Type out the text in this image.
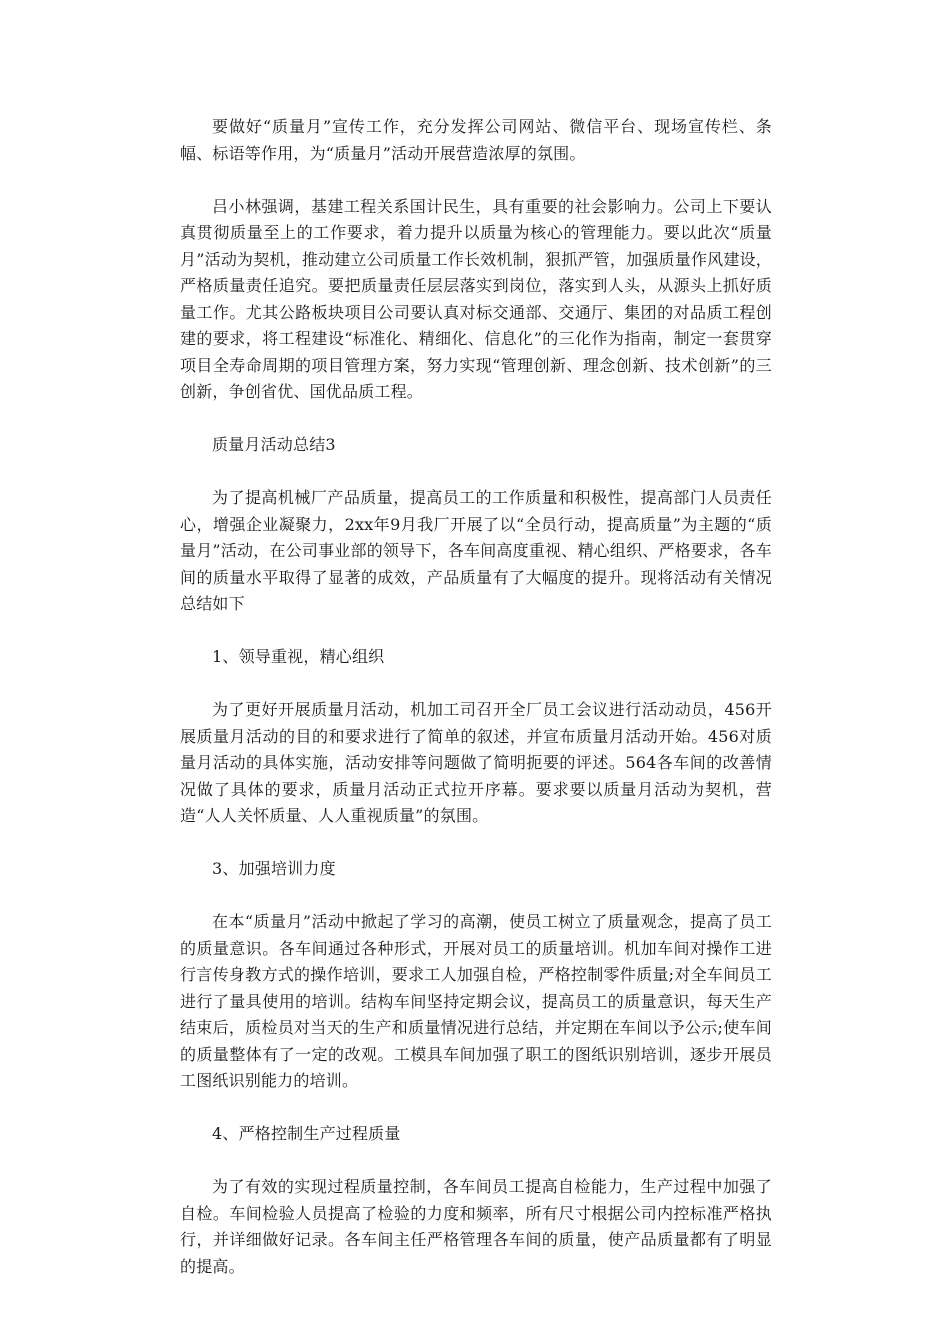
要做好“质量月”宣传工作，充分发挥公司网站、微信平台、现场宣传栏、条幅、标语等作用，为“质量月”活动开展营造浓厚的氛围。

吕小林强调，基建工程关系国计民生，具有重要的社会影响力。公司上下要认真贯彻质量至上的工作要求，着力提升以质量为核心的管理能力。要以此次“质量月”活动为契机，推动建立公司质量工作长效机制，狠抓严管，加强质量作风建设，严格质量责任追究。要把质量责任层层落实到岗位，落实到人头，从源头上抓好质量工作。尤其公路板块项目公司要认真对标交通部、交通厅、集团的对品质工程创建的要求，将工程建设“标准化、精细化、信息化”的三化作为指南，制定一套贯穿项目全寿命周期的项目管理方案，努力实现“管理创新、理念创新、技术创新”的三创新，争创省优、国优品质工程。

质量月活动总结3

为了提高机械厂产品质量，提高员工的工作质量和积极性，提高部门人员责任心，增强企业凝聚力，2xx年9月我厂开展了以“全员行动，提高质量”为主题的“质量月”活动，在公司事业部的领导下，各车间高度重视、精心组织、严格要求，各车间的质量水平取得了显著的成效，产品质量有了大幅度的提升。现将活动有关情况总结如下

1、领导重视，精心组织

为了更好开展质量月活动，机加工司召开全厂员工会议进行活动动员，456开展质量月活动的目的和要求进行了简单的叙述，并宣布质量月活动开始。456对质量月活动的具体实施，活动安排等问题做了简明扼要的评述。564各车间的改善情况做了具体的要求，质量月活动正式拉开序幕。要求要以质量月活动为契机，营造“人人关怀质量、人人重视质量”的氛围。

3、加强培训力度

在本“质量月”活动中掀起了学习的高潮，使员工树立了质量观念，提高了员工的质量意识。各车间通过各种形式，开展对员工的质量培训。机加车间对操作工进行言传身教方式的操作培训，要求工人加强自检，严格控制零件质量;对全车间员工进行了量具使用的培训。结构车间坚持定期会议，提高员工的质量意识，每天生产结束后，质检员对当天的生产和质量情况进行总结，并定期在车间以予公示;使车间的质量整体有了一定的改观。工模具车间加强了职工的图纸识别培训，逐步开展员工图纸识别能力的培训。

4、严格控制生产过程质量

为了有效的实现过程质量控制，各车间员工提高自检能力，生产过程中加强了自检。车间检验人员提高了检验的力度和频率，所有尺寸根据公司内控标准严格执行，并详细做好记录。各车间主任严格管理各车间的质量，使产品质量都有了明显的提高。
